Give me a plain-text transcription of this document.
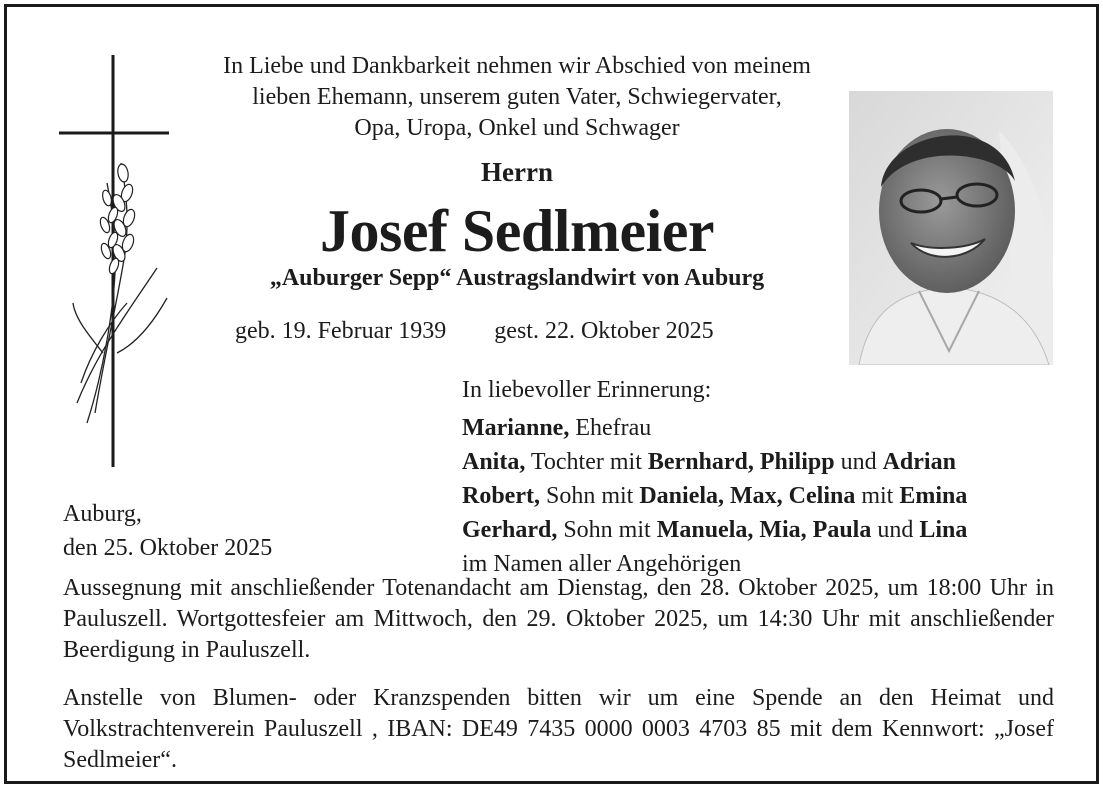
In Liebe und Dankbarkeit nehmen wir Abschied von meinem
lieben Ehemann, unserem guten Vater, Schwiegervater,
Opa, Uropa, Onkel und Schwager
Herrn
Josef Sedlmeier
„Auburger Sepp“ Austragslandwirt von Auburg
geb. 19. Februar 1939 gest. 22. Oktober 2025
In liebevoller Erinnerung:
Marianne, Ehefrau
Anita, Tochter mit Bernhard, Philipp und Adrian
Robert, Sohn mit Daniela, Max, Celina mit Emina
Gerhard, Sohn mit Manuela, Mia, Paula und Lina
im Namen aller Angehörigen
Auburg,
den 25. Oktober 2025
Aussegnung mit anschließender Totenandacht am Dienstag, den 28. Oktober 2025, um 18:00 Uhr in Pauluszell. Wortgottesfeier am Mittwoch, den 29. Oktober 2025, um 14:30 Uhr mit anschließender Beerdigung in Pauluszell.
Anstelle von Blumen- oder Kranzspenden bitten wir um eine Spende an den Heimat und Volkstrachtenverein Pauluszell , IBAN: DE49 7435 0000 0003 4703 85 mit dem Kennwort: „Josef Sedlmeier“.
